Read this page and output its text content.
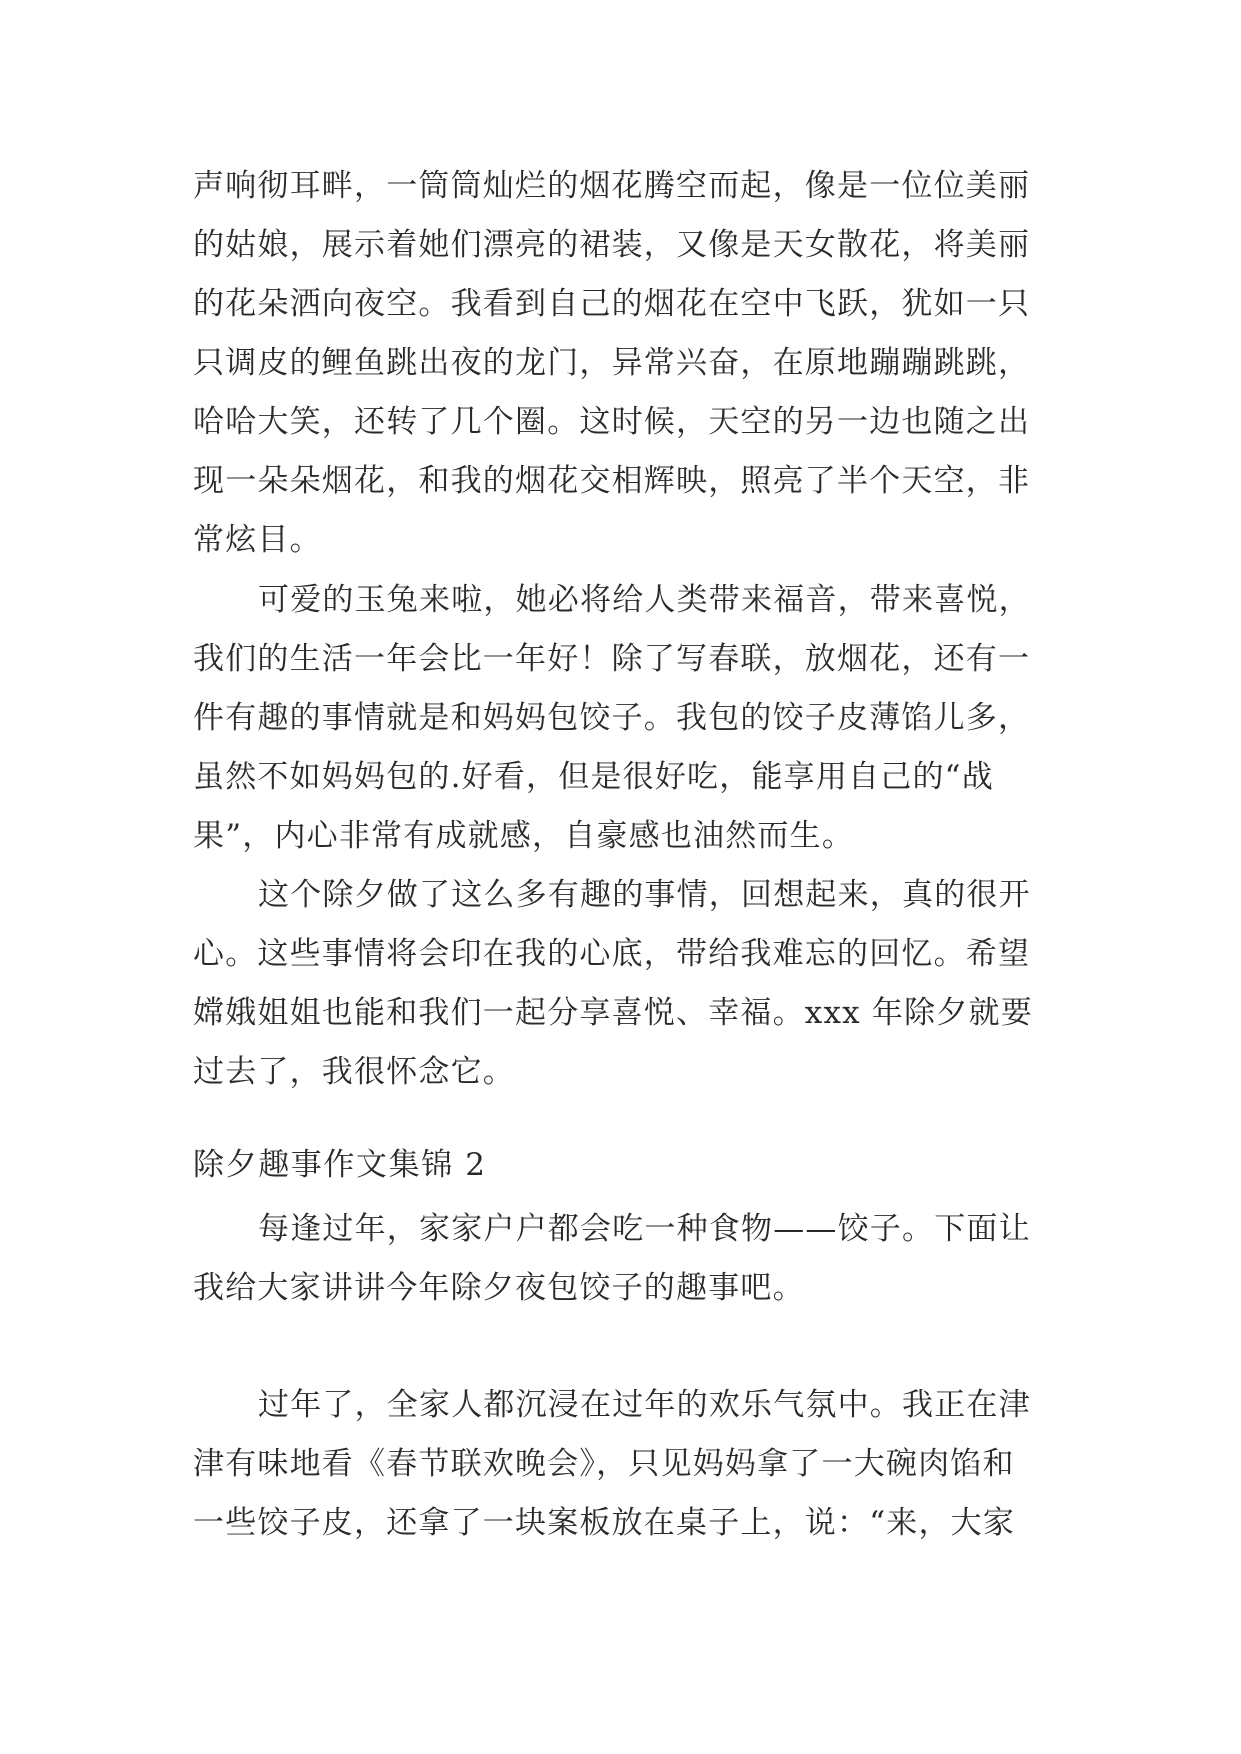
声响彻耳畔，一筒筒灿烂的烟花腾空而起，像是一位位美丽
的姑娘，展示着她们漂亮的裙装，又像是天女散花，将美丽
的花朵洒向夜空。我看到自己的烟花在空中飞跃，犹如一只
只调皮的鲤鱼跳出夜的龙门，异常兴奋，在原地蹦蹦跳跳，
哈哈大笑，还转了几个圈。这时候，天空的另一边也随之出
现一朵朵烟花，和我的烟花交相辉映，照亮了半个天空，非
常炫目。
可爱的玉兔来啦，她必将给人类带来福音，带来喜悦，
我们的生活一年会比一年好！除了写春联，放烟花，还有一
件有趣的事情就是和妈妈包饺子。我包的饺子皮薄馅儿多，
虽然不如妈妈包的.好看，但是很好吃，能享用自己的“战
果”，内心非常有成就感，自豪感也油然而生。
这个除夕做了这么多有趣的事情，回想起来，真的很开
心。这些事情将会印在我的心底，带给我难忘的回忆。希望
嫦娥姐姐也能和我们一起分享喜悦、幸福。xxx 年除夕就要
过去了，我很怀念它。
除夕趣事作文集锦 2
每逢过年，家家户户都会吃一种食物——饺子。下面让
我给大家讲讲今年除夕夜包饺子的趣事吧。
过年了，全家人都沉浸在过年的欢乐气氛中。我正在津
津有味地看《春节联欢晚会》，只见妈妈拿了一大碗肉馅和
一些饺子皮，还拿了一块案板放在桌子上，说：“来，大家
